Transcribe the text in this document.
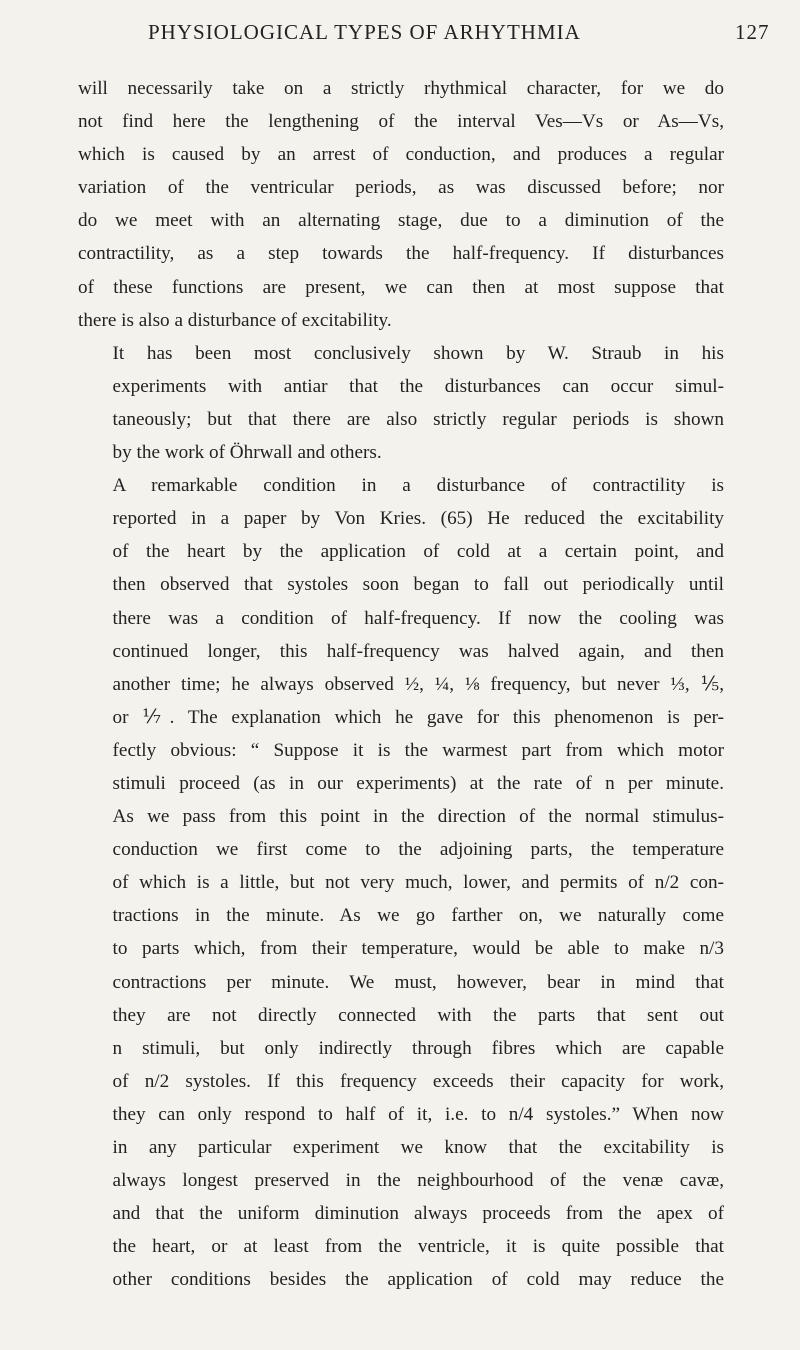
PHYSIOLOGICAL TYPES OF ARHYTHMIA	127

will necessarily take on a strictly rhythmical character, for we do
not find here the lengthening of the interval Ves—Vs or As—Vs,
which is caused by an arrest of conduction, and produces a regular
variation of the ventricular periods, as was discussed before; nor
do we meet with an alternating stage, due to a diminution of the
contractility, as a step towards the half-frequency. If disturbances
of these functions are present, we can then at most suppose that
there is also a disturbance of excitability.

It has been most conclusively shown by W. Straub in his
experiments with antiar that the disturbances can occur simul-
taneously; but that there are also strictly regular periods is shown
by the work of Öhrwall and others.

A remarkable condition in a disturbance of contractility is
reported in a paper by Von Kries. (65) He reduced the excitability
of the heart by the application of cold at a certain point, and
then observed that systoles soon began to fall out periodically until
there was a condition of half-frequency. If now the cooling was
continued longer, this half-frequency was halved again, and then
another time; he always observed ½, ¼, ⅛ frequency, but never ⅓, ⅕,
or ⅐. The explanation which he gave for this phenomenon is per-
fectly obvious: “ Suppose it is the warmest part from which motor
stimuli proceed (as in our experiments) at the rate of n per minute.
As we pass from this point in the direction of the normal stimulus-
conduction we first come to the adjoining parts, the temperature
of which is a little, but not very much, lower, and permits of n/2 con-
tractions in the minute. As we go farther on, we naturally come
to parts which, from their temperature, would be able to make n/3
contractions per minute. We must, however, bear in mind that
they are not directly connected with the parts that sent out
n stimuli, but only indirectly through fibres which are capable
of n/2 systoles. If this frequency exceeds their capacity for work,
they can only respond to half of it, i.e. to n/4 systoles.” When now
in any particular experiment we know that the excitability is
always longest preserved in the neighbourhood of the venæ cavæ,
and that the uniform diminution always proceeds from the apex of
the heart, or at least from the ventricle, it is quite possible that
other conditions besides the application of cold may reduce the
